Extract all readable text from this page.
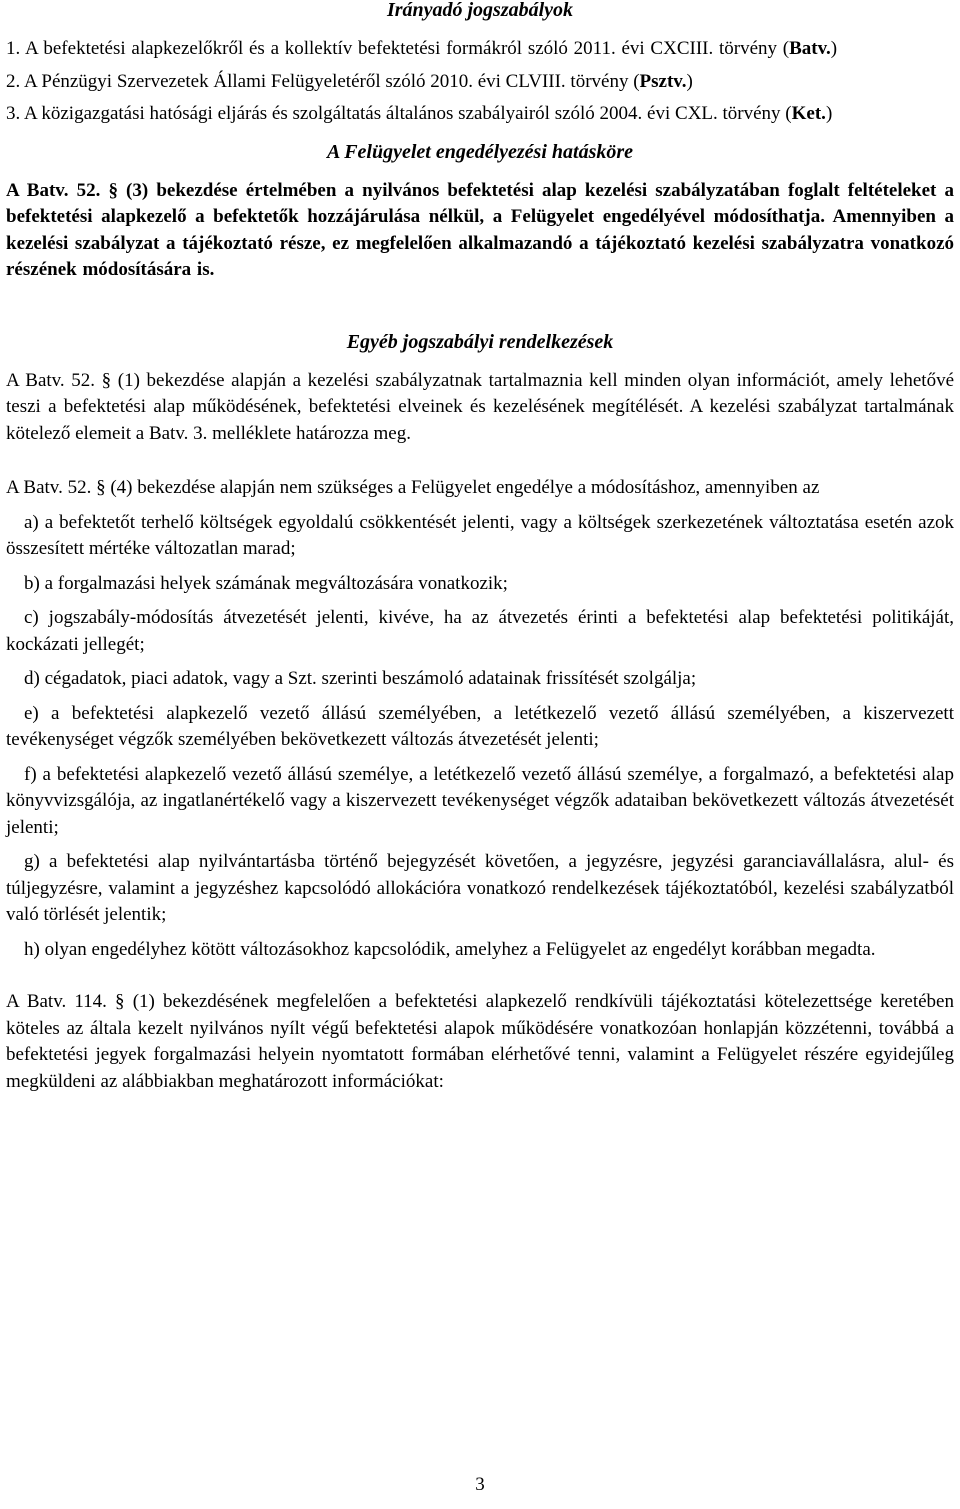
Irányadó jogszabályok

1. A befektetési alapkezelőkről és a kollektív befektetési formákról szóló 2011. évi CXCIII. törvény (Batv.)

2. A Pénzügyi Szervezetek Állami Felügyeletéről szóló 2010. évi CLVIII. törvény (Psztv.)

3. A közigazgatási hatósági eljárás és szolgáltatás általános szabályairól szóló 2004. évi CXL. törvény (Ket.)

A Felügyelet engedélyezési hatásköre

A Batv. 52. § (3) bekezdése értelmében a nyilvános befektetési alap kezelési szabályzatában foglalt feltételeket a befektetési alapkezelő a befektetők hozzájárulása nélkül, a Felügyelet engedélyével módosíthatja. Amennyiben a kezelési szabályzat a tájékoztató része, ez megfelelően alkalmazandó a tájékoztató kezelési szabályzatra vonatkozó részének módosítására is.

Egyéb jogszabályi rendelkezések

A Batv. 52. § (1) bekezdése alapján a kezelési szabályzatnak tartalmaznia kell minden olyan információt, amely lehetővé teszi a befektetési alap működésének, befektetési elveinek és kezelésének megítélését. A kezelési szabályzat tartalmának kötelező elemeit a Batv. 3. melléklete határozza meg.

A Batv. 52. § (4) bekezdése alapján nem szükséges a Felügyelet engedélye a módosításhoz, amennyiben az

a) a befektetőt terhelő költségek egyoldalú csökkentését jelenti, vagy a költségek szerkezetének változtatása esetén azok összesített mértéke változatlan marad;

b) a forgalmazási helyek számának megváltozására vonatkozik;

c) jogszabály-módosítás átvezetését jelenti, kivéve, ha az átvezetés érinti a befektetési alap befektetési politikáját, kockázati jellegét;

d) cégadatok, piaci adatok, vagy a Szt. szerinti beszámoló adatainak frissítését szolgálja;

e) a befektetési alapkezelő vezető állású személyében, a letétkezelő vezető állású személyében, a kiszervezett tevékenységet végzők személyében bekövetkezett változás átvezetését jelenti;

f) a befektetési alapkezelő vezető állású személye, a letétkezelő vezető állású személye, a forgalmazó, a befektetési alap könyvvizsgálója, az ingatlanértékelő vagy a kiszervezett tevékenységet végzők adataiban bekövetkezett változás átvezetését jelenti;

g) a befektetési alap nyilvántartásba történő bejegyzését követően, a jegyzésre, jegyzési garanciavállalásra, alul- és túljegyzésre, valamint a jegyzéshez kapcsolódó allokációra vonatkozó rendelkezések tájékoztatóból, kezelési szabályzatból való törlését jelentik;

h) olyan engedélyhez kötött változásokhoz kapcsolódik, amelyhez a Felügyelet az engedélyt korábban megadta.

A Batv. 114. § (1) bekezdésének megfelelően a befektetési alapkezelő rendkívüli tájékoztatási kötelezettsége keretében köteles az általa kezelt nyilvános nyílt végű befektetési alapok működésére vonatkozóan honlapján közzétenni, továbbá a befektetési jegyek forgalmazási helyein nyomtatott formában elérhetővé tenni, valamint a Felügyelet részére egyidejűleg megküldeni az alábbiakban meghatározott információkat:

3
